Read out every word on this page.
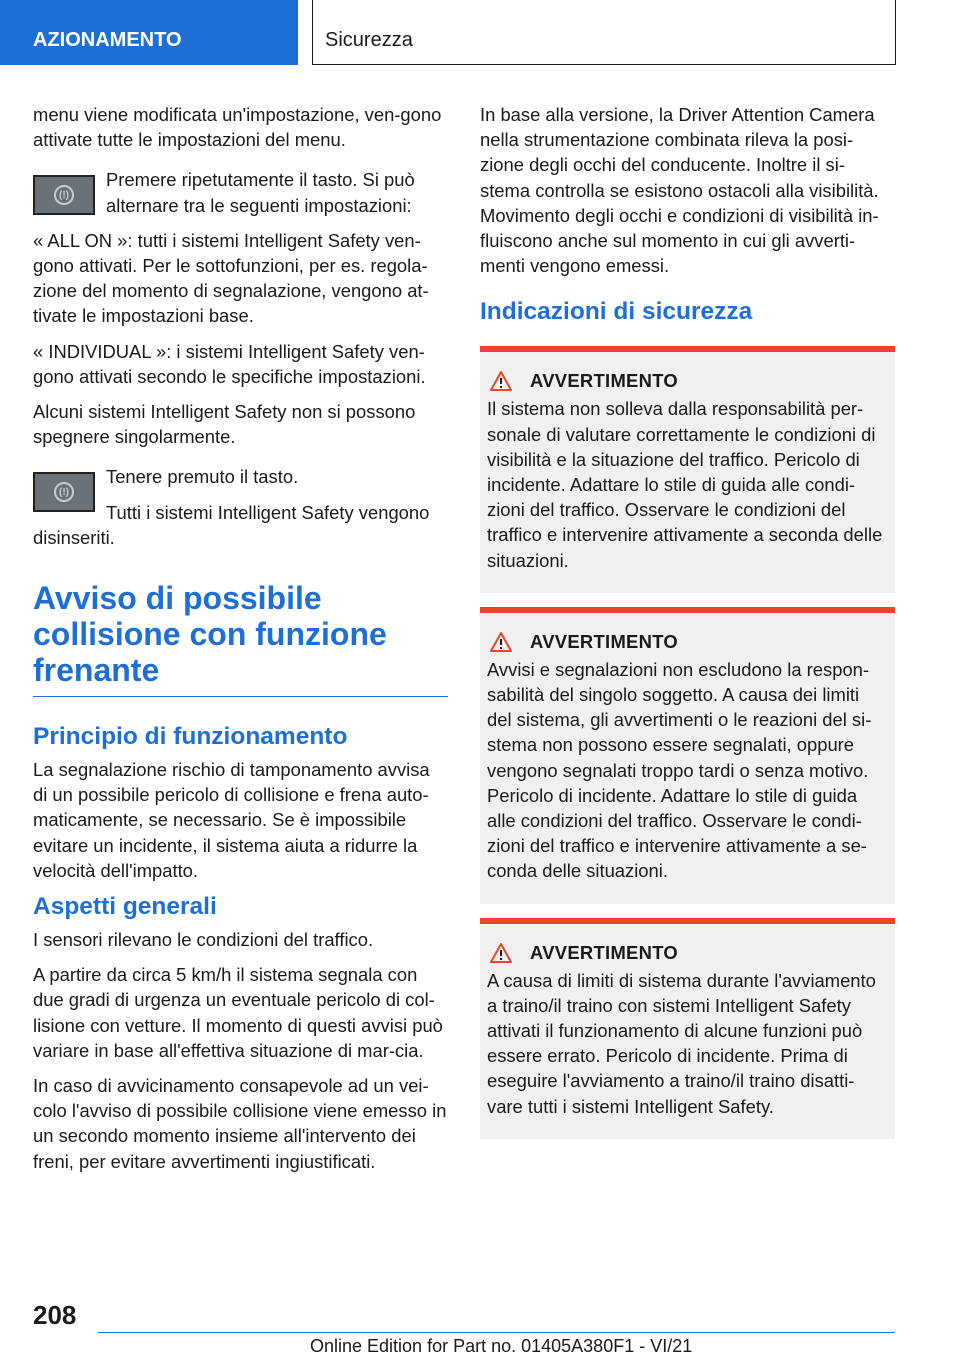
AZIONAMENTO	Sicurezza

menu viene modificata un'impostazione, ven-gono attivate tutte le impostazioni del menu.

(!)

Premere ripetutamente il tasto. Si può alternare tra le seguenti impostazioni:

« ALL ON »: tutti i sistemi Intelligent Safety ven-gono attivati. Per le sottofunzioni, per es. regola-zione del momento di segnalazione, vengono at-tivate le impostazioni base.

« INDIVIDUAL »: i sistemi Intelligent Safety ven-gono attivati secondo le specifiche impostazioni.

Alcuni sistemi Intelligent Safety non si possono spegnere singolarmente.

(!)

Tenere premuto il tasto.

Tutti i sistemi Intelligent Safety vengono disinseriti.

Avviso di possibile collisione con funzione frenante
Principio di funzionamento

La segnalazione rischio di tamponamento avvisa di un possibile pericolo di collisione e frena auto-maticamente, se necessario. Se è impossibile evitare un incidente, il sistema aiuta a ridurre la velocità dell'impatto.

Aspetti generali

I sensori rilevano le condizioni del traffico.

A partire da circa 5 km/h il sistema segnala con due gradi di urgenza un eventuale pericolo di col-lisione con vetture. Il momento di questi avvisi può variare in base all'effettiva situazione di mar-cia.

In caso di avvicinamento consapevole ad un vei-colo l'avviso di possibile collisione viene emesso in un secondo momento insieme all'intervento dei freni, per evitare avvertimenti ingiustificati.

In base alla versione, la Driver Attention Camera nella strumentazione combinata rileva la posi-zione degli occhi del conducente. Inoltre il si-stema controlla se esistono ostacoli alla visibilità. Movimento degli occhi e condizioni di visibilità in-fluiscono anche sul momento in cui gli avverti-menti vengono emessi.

Indicazioni di sicurezza
AVVERTIMENTO

Il sistema non solleva dalla responsabilità per-sonale di valutare correttamente le condizioni di visibilità e la situazione del traffico. Pericolo di incidente. Adattare lo stile di guida alle condi-zioni del traffico. Osservare le condizioni del traffico e intervenire attivamente a seconda delle situazioni.

AVVERTIMENTO

Avvisi e segnalazioni non escludono la respon-sabilità del singolo soggetto. A causa dei limiti del sistema, gli avvertimenti o le reazioni del si-stema non possono essere segnalati, oppure vengono segnalati troppo tardi o senza motivo. Pericolo di incidente. Adattare lo stile di guida alle condizioni del traffico. Osservare le condi-zioni del traffico e intervenire attivamente a se-conda delle situazioni.

AVVERTIMENTO

A causa di limiti di sistema durante l'avviamento a traino/il traino con sistemi Intelligent Safety attivati il funzionamento di alcune funzioni può essere errato. Pericolo di incidente. Prima di eseguire l'avviamento a traino/il traino disatti-vare tutti i sistemi Intelligent Safety.

208
Online Edition for Part no. 01405A380F1 - VI/21
